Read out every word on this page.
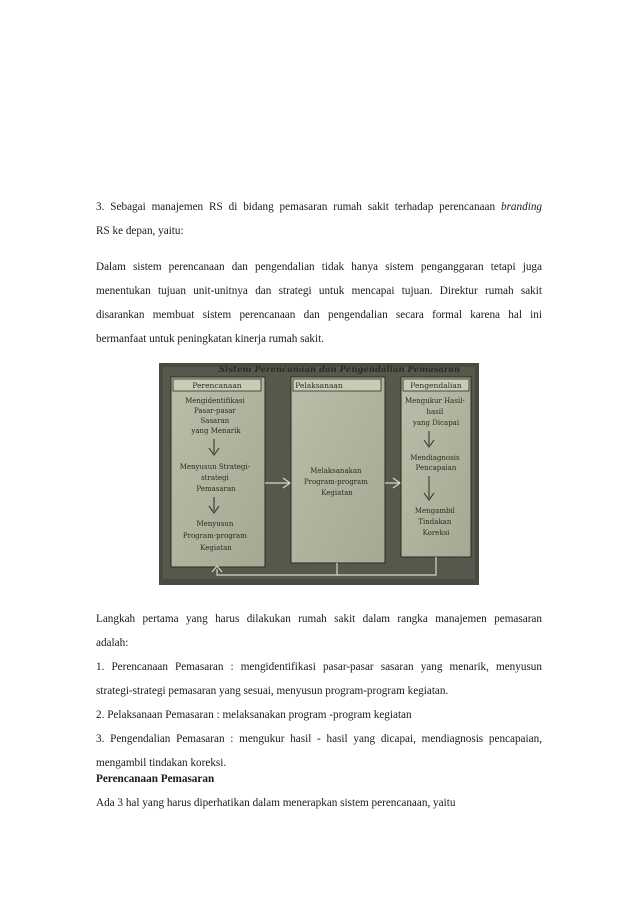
3. Sebagai manajemen RS di bidang pemasaran rumah sakit terhadap perencanaan branding
RS ke depan, yaitu:
Dalam sistem perencanaan dan pengendalian tidak hanya sistem penganggaran tetapi juga
menentukan tujuan unit-unitnya dan strategi untuk mencapai tujuan. Direktur rumah sakit
disarankan membuat sistem perencanaan dan pengendalian secara formal karena hal ini
bermanfaat untuk peningkatan kinerja rumah sakit.
Sistem Perencanaan dan Pengendalian Pemasaran
Perencanaan
Mengidentifikasi Pasar-pasar Sasaran yang Menarik
Menyusun Strategi- strategi Pemasaran
Menyusun Program-program Kegiatan
Pelaksanaan
Melaksanakan Program-program Kegiatan
Pengendalian
Mengukur Hasil- hasil yang Dicapai
Mendiagnosis Pencapaian
Mengambil Tindakan Koreksi
Langkah pertama yang harus dilakukan rumah sakit dalam rangka manajemen pemasaran
adalah:
1. Perencanaan Pemasaran : mengidentifikasi pasar-pasar sasaran yang menarik, menyusun
strategi-strategi pemasaran yang sesuai, menyusun program-program kegiatan.
2. Pelaksanaan Pemasaran : melaksanakan program -program kegiatan
3. Pengendalian Pemasaran : mengukur hasil - hasil yang dicapai, mendiagnosis pencapaian,
mengambil tindakan koreksi.
Perencanaan Pemasaran
Ada 3 hal yang harus diperhatikan dalam menerapkan sistem perencanaan, yaitu
